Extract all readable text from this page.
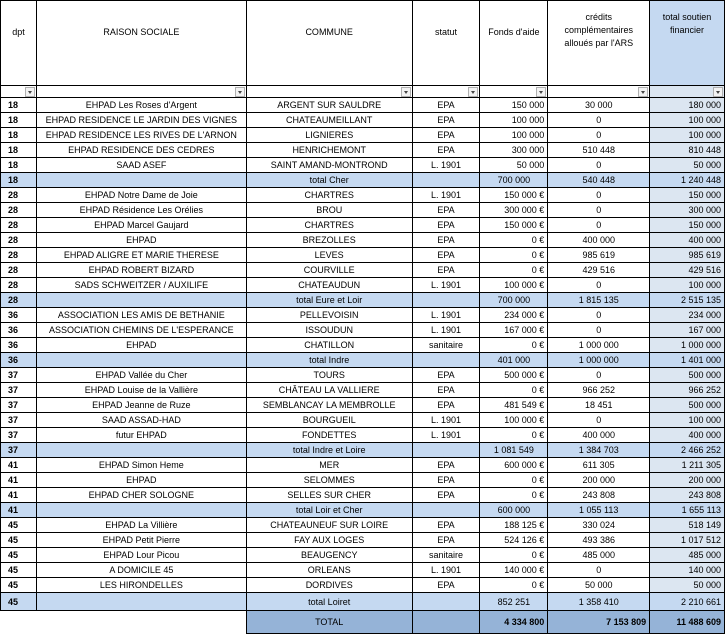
dpt	RAISON SOCIALE	COMMUNE	statut	Fonds d'aide	crédits complémentaires alloués par l'ARS	total soutien financier

18	EHPAD Les Roses d'Argent	ARGENT SUR SAULDRE	EPA	150 000	30 000	180 000
18	EHPAD RESIDENCE LE JARDIN DES VIGNES	CHATEAUMEILLANT	EPA	100 000	0	100 000
18	EHPAD RESIDENCE LES RIVES DE L'ARNON	LIGNIERES	EPA	100 000	0	100 000
18	EHPAD RESIDENCE DES CEDRES	HENRICHEMONT	EPA	300 000	510 448	810 448
18	SAAD ASEF	SAINT AMAND-MONTROND	L. 1901	50 000	0	50 000
18		total Cher		700 000	540 448	1 240 448
28	EHPAD Notre Dame de Joie	CHARTRES	L. 1901	150 000 €	0	150 000
28	EHPAD Résidence Les Orélies	BROU	EPA	300 000 €	0	300 000
28	EHPAD Marcel Gaujard	CHARTRES	EPA	150 000 €	0	150 000
28	EHPAD	BREZOLLES	EPA	0 €	400 000	400 000
28	EHPAD ALIGRE ET MARIE THERESE	LEVES	EPA	0 €	985 619	985 619
28	EHPAD ROBERT BIZARD	COURVILLE	EPA	0 €	429 516	429 516
28	SADS SCHWEITZER / AUXILIFE	CHATEAUDUN	L. 1901	100 000 €	0	100 000
28		total Eure et Loir		700 000	1 815 135	2 515 135
36	ASSOCIATION LES AMIS DE BETHANIE	PELLEVOISIN	L. 1901	234 000 €	0	234 000
36	ASSOCIATION CHEMINS DE L'ESPERANCE	ISSOUDUN	L. 1901	167 000 €	0	167 000
36	EHPAD	CHATILLON	sanitaire	0 €	1 000 000	1 000 000
36		total Indre		401 000	1 000 000	1 401 000
37	EHPAD Vallée du Cher	TOURS	EPA	500 000 €	0	500 000
37	EHPAD Louise de la Vallière	CHÂTEAU LA VALLIERE	EPA	0 €	966 252	966 252
37	EHPAD Jeanne de Ruze	SEMBLANCAY LA MEMBROLLE	EPA	481 549 €	18 451	500 000
37	SAAD ASSAD-HAD	BOURGUEIL	L. 1901	100 000 €	0	100 000
37	futur EHPAD	FONDETTES	L. 1901	0 €	400 000	400 000
37		total Indre et Loire		1 081 549	1 384 703	2 466 252
41	EHPAD Simon Heme	MER	EPA	600 000 €	611 305	1 211 305
41	EHPAD	SELOMMES	EPA	0 €	200 000	200 000
41	EHPAD CHER SOLOGNE	SELLES SUR CHER	EPA	0 €	243 808	243 808
41		total Loir et Cher		600 000	1 055 113	1 655 113
45	EHPAD La Villière	CHATEAUNEUF SUR LOIRE	EPA	188 125 €	330 024	518 149
45	EHPAD Petit Pierre	FAY AUX LOGES	EPA	524 126 €	493 386	1 017 512
45	EHPAD Lour Picou	BEAUGENCY	sanitaire	0 €	485 000	485 000
45	A DOMICILE 45	ORLEANS	L. 1901	140 000 €	0	140 000
45	LES HIRONDELLES	DORDIVES	EPA	0 €	50 000	50 000
45		total Loiret		852 251	1 358 410	2 210 661
		TOTAL		4 334 800	7 153 809	11 488 609
